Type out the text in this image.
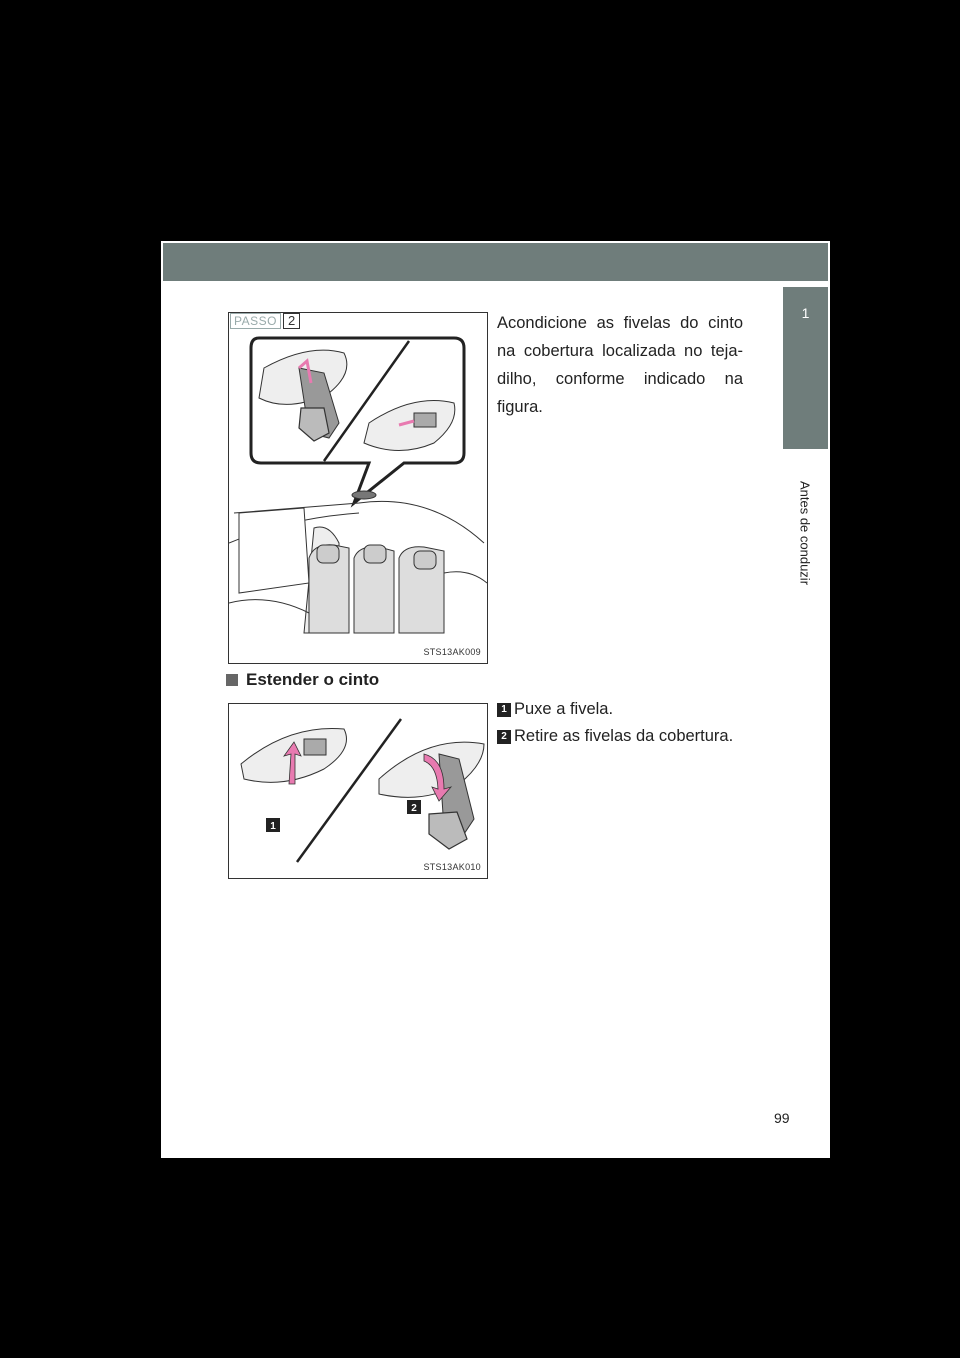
1
Antes de conduzir
STS13AK009
PASSO 2	Acondicione as fivelas do cinto na cobertura localizada no teja-dilho, conforme indicado na figura.
Estender o cinto
1
2
STS13AK010
1 Puxe a fivela.
2 Retire as fivelas da cobertura.
99
